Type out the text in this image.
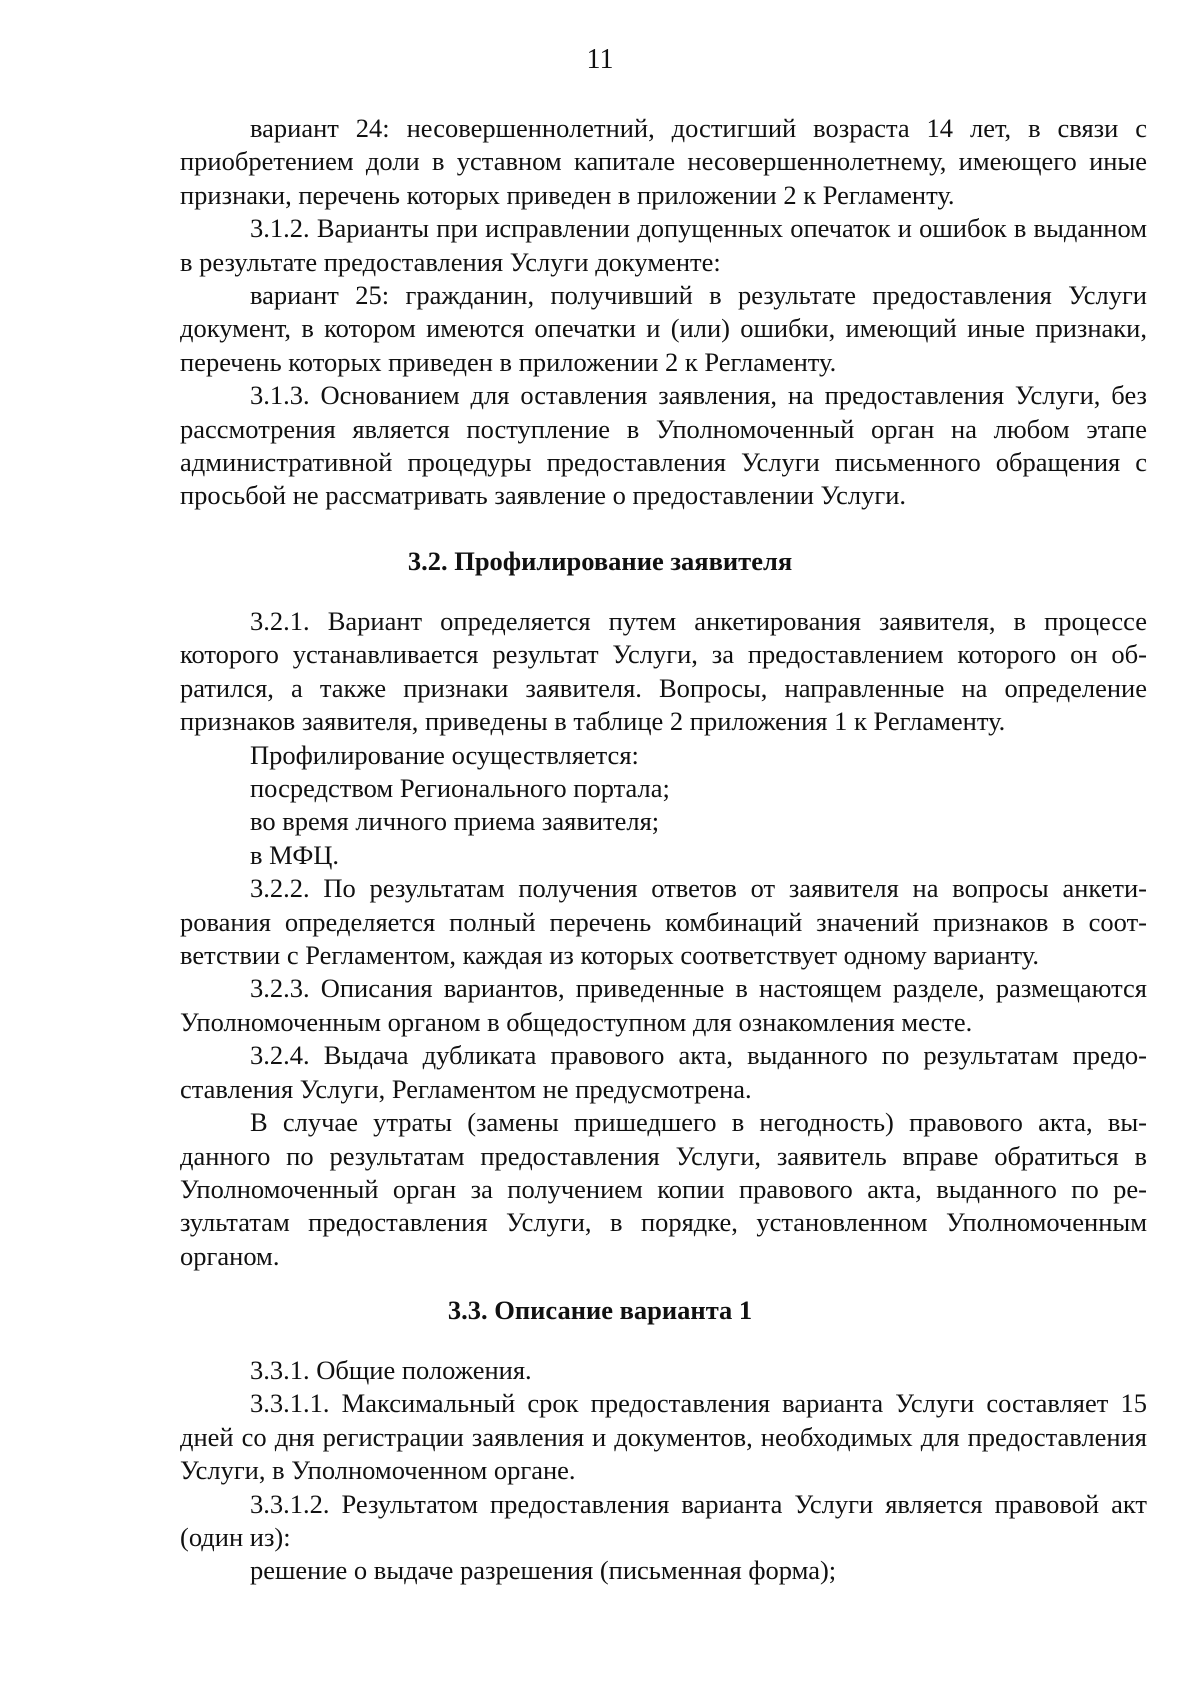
11

вариант 24: несовершеннолетний, достигший возраста 14 лет, в связи с приобретением доли в уставном капитале несовершеннолетнему, имеющего иные признаки, перечень которых приведен в приложении 2 к Регламенту.

3.1.2. Варианты при исправлении допущенных опечаток и ошибок в выданном в результате предоставления Услуги документе:

вариант 25: гражданин, получивший в результате предоставления Услуги документ, в котором имеются опечатки и (или) ошибки, имеющий иные признаки, перечень которых приведен в приложении 2 к Регламенту.

3.1.3. Основанием для оставления заявления, на предоставления Услуги, без рассмотрения является поступление в Уполномоченный орган на любом этапе административной процедуры предоставления Услуги письменного обращения с просьбой не рассматривать заявление о предоставлении Услуги.

3.2. Профилирование заявителя

3.2.1. Вариант определяется путем анкетирования заявителя, в процессе которого устанавливается результат Услуги, за предоставлением которого он обратился, а также признаки заявителя. Вопросы, направленные на определение признаков заявителя, приведены в таблице 2 приложения 1 к Регламенту.

Профилирование осуществляется:

посредством Регионального портала;

во время личного приема заявителя;

в МФЦ.

3.2.2. По результатам получения ответов от заявителя на вопросы анкетирования определяется полный перечень комбинаций значений признаков в соответствии с Регламентом, каждая из которых соответствует одному варианту.

3.2.3. Описания вариантов, приведенные в настоящем разделе, размещаются Уполномоченным органом в общедоступном для ознакомления месте.

3.2.4. Выдача дубликата правового акта, выданного по результатам предоставления Услуги, Регламентом не предусмотрена.

В случае утраты (замены пришедшего в негодность) правового акта, выданного по результатам предоставления Услуги, заявитель вправе обратиться в Уполномоченный орган за получением копии правового акта, выданного по результатам предоставления Услуги, в порядке, установленном Уполномоченным органом.

3.3. Описание варианта 1

3.3.1. Общие положения.

3.3.1.1. Максимальный срок предоставления варианта Услуги составляет 15 дней со дня регистрации заявления и документов, необходимых для предоставления Услуги, в Уполномоченном органе.

3.3.1.2. Результатом предоставления варианта Услуги является правовой акт (один из):

решение о выдаче разрешения (письменная форма);
